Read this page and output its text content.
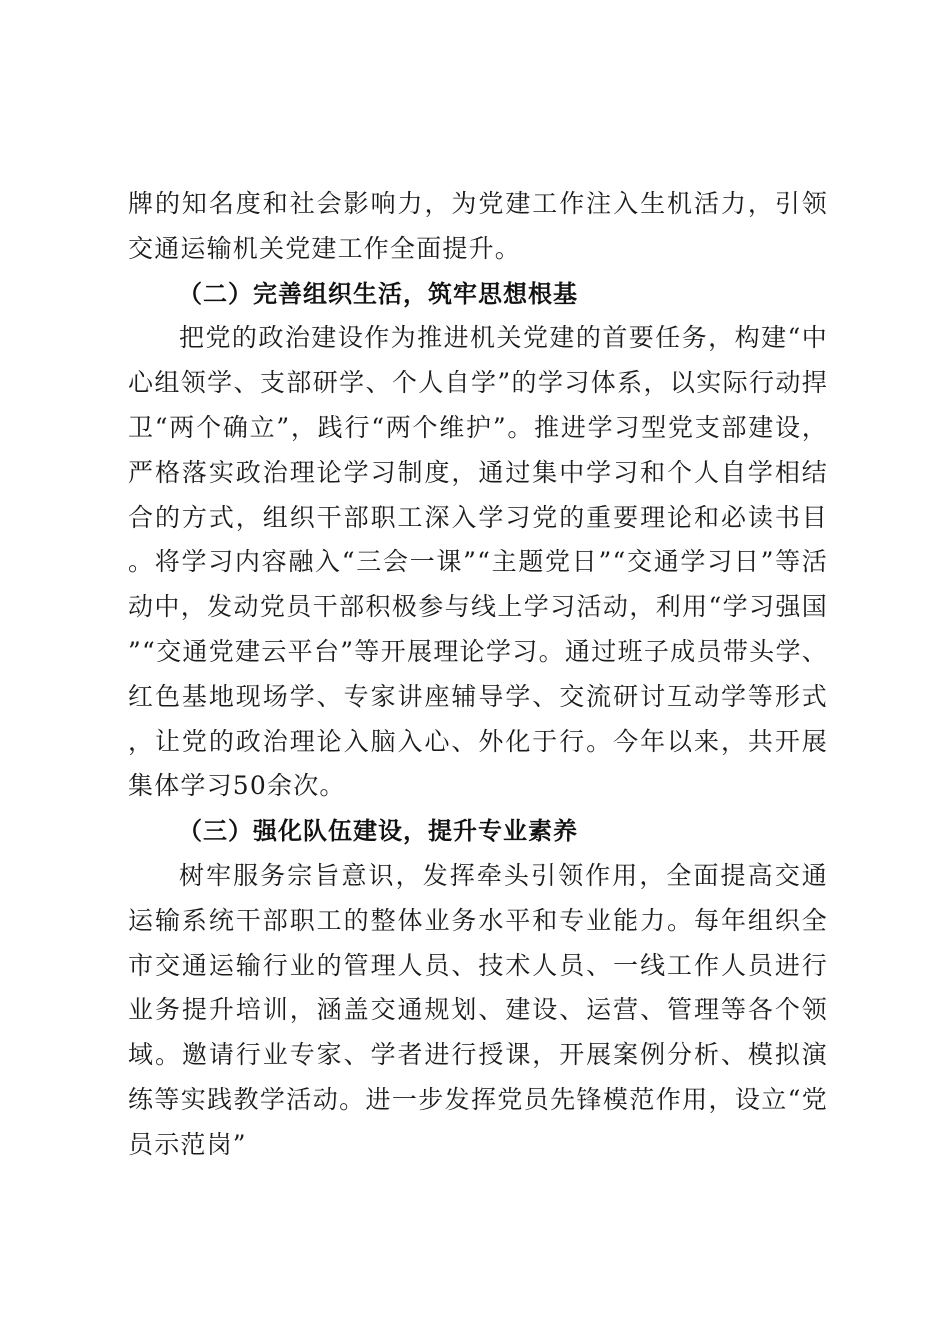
牌的知名度和社会影响力，为党建工作注入生机活力，引领交通运输机关党建工作全面提升。

（二）完善组织生活，筑牢思想根基

把党的政治建设作为推进机关党建的首要任务，构建“中心组领学、支部研学、个人自学”的学习体系，以实际行动捍卫“两个确立”，践行“两个维护”。推进学习型党支部建设，严格落实政治理论学习制度，通过集中学习和个人自学相结合的方式，组织干部职工深入学习党的重要理论和必读书目。将学习内容融入“三会一课”“主题党日”“交通学习日”等活动中，发动党员干部积极参与线上学习活动，利用“学习强国”“交通党建云平台”等开展理论学习。通过班子成员带头学、红色基地现场学、专家讲座辅导学、交流研讨互动学等形式，让党的政治理论入脑入心、外化于行。今年以来，共开展集体学习50余次。

（三）强化队伍建设，提升专业素养

树牢服务宗旨意识，发挥牵头引领作用，全面提高交通运输系统干部职工的整体业务水平和专业能力。每年组织全市交通运输行业的管理人员、技术人员、一线工作人员进行业务提升培训，涵盖交通规划、建设、运营、管理等各个领域。邀请行业专家、学者进行授课，开展案例分析、模拟演练等实践教学活动。进一步发挥党员先锋模范作用，设立“党员示范岗”
